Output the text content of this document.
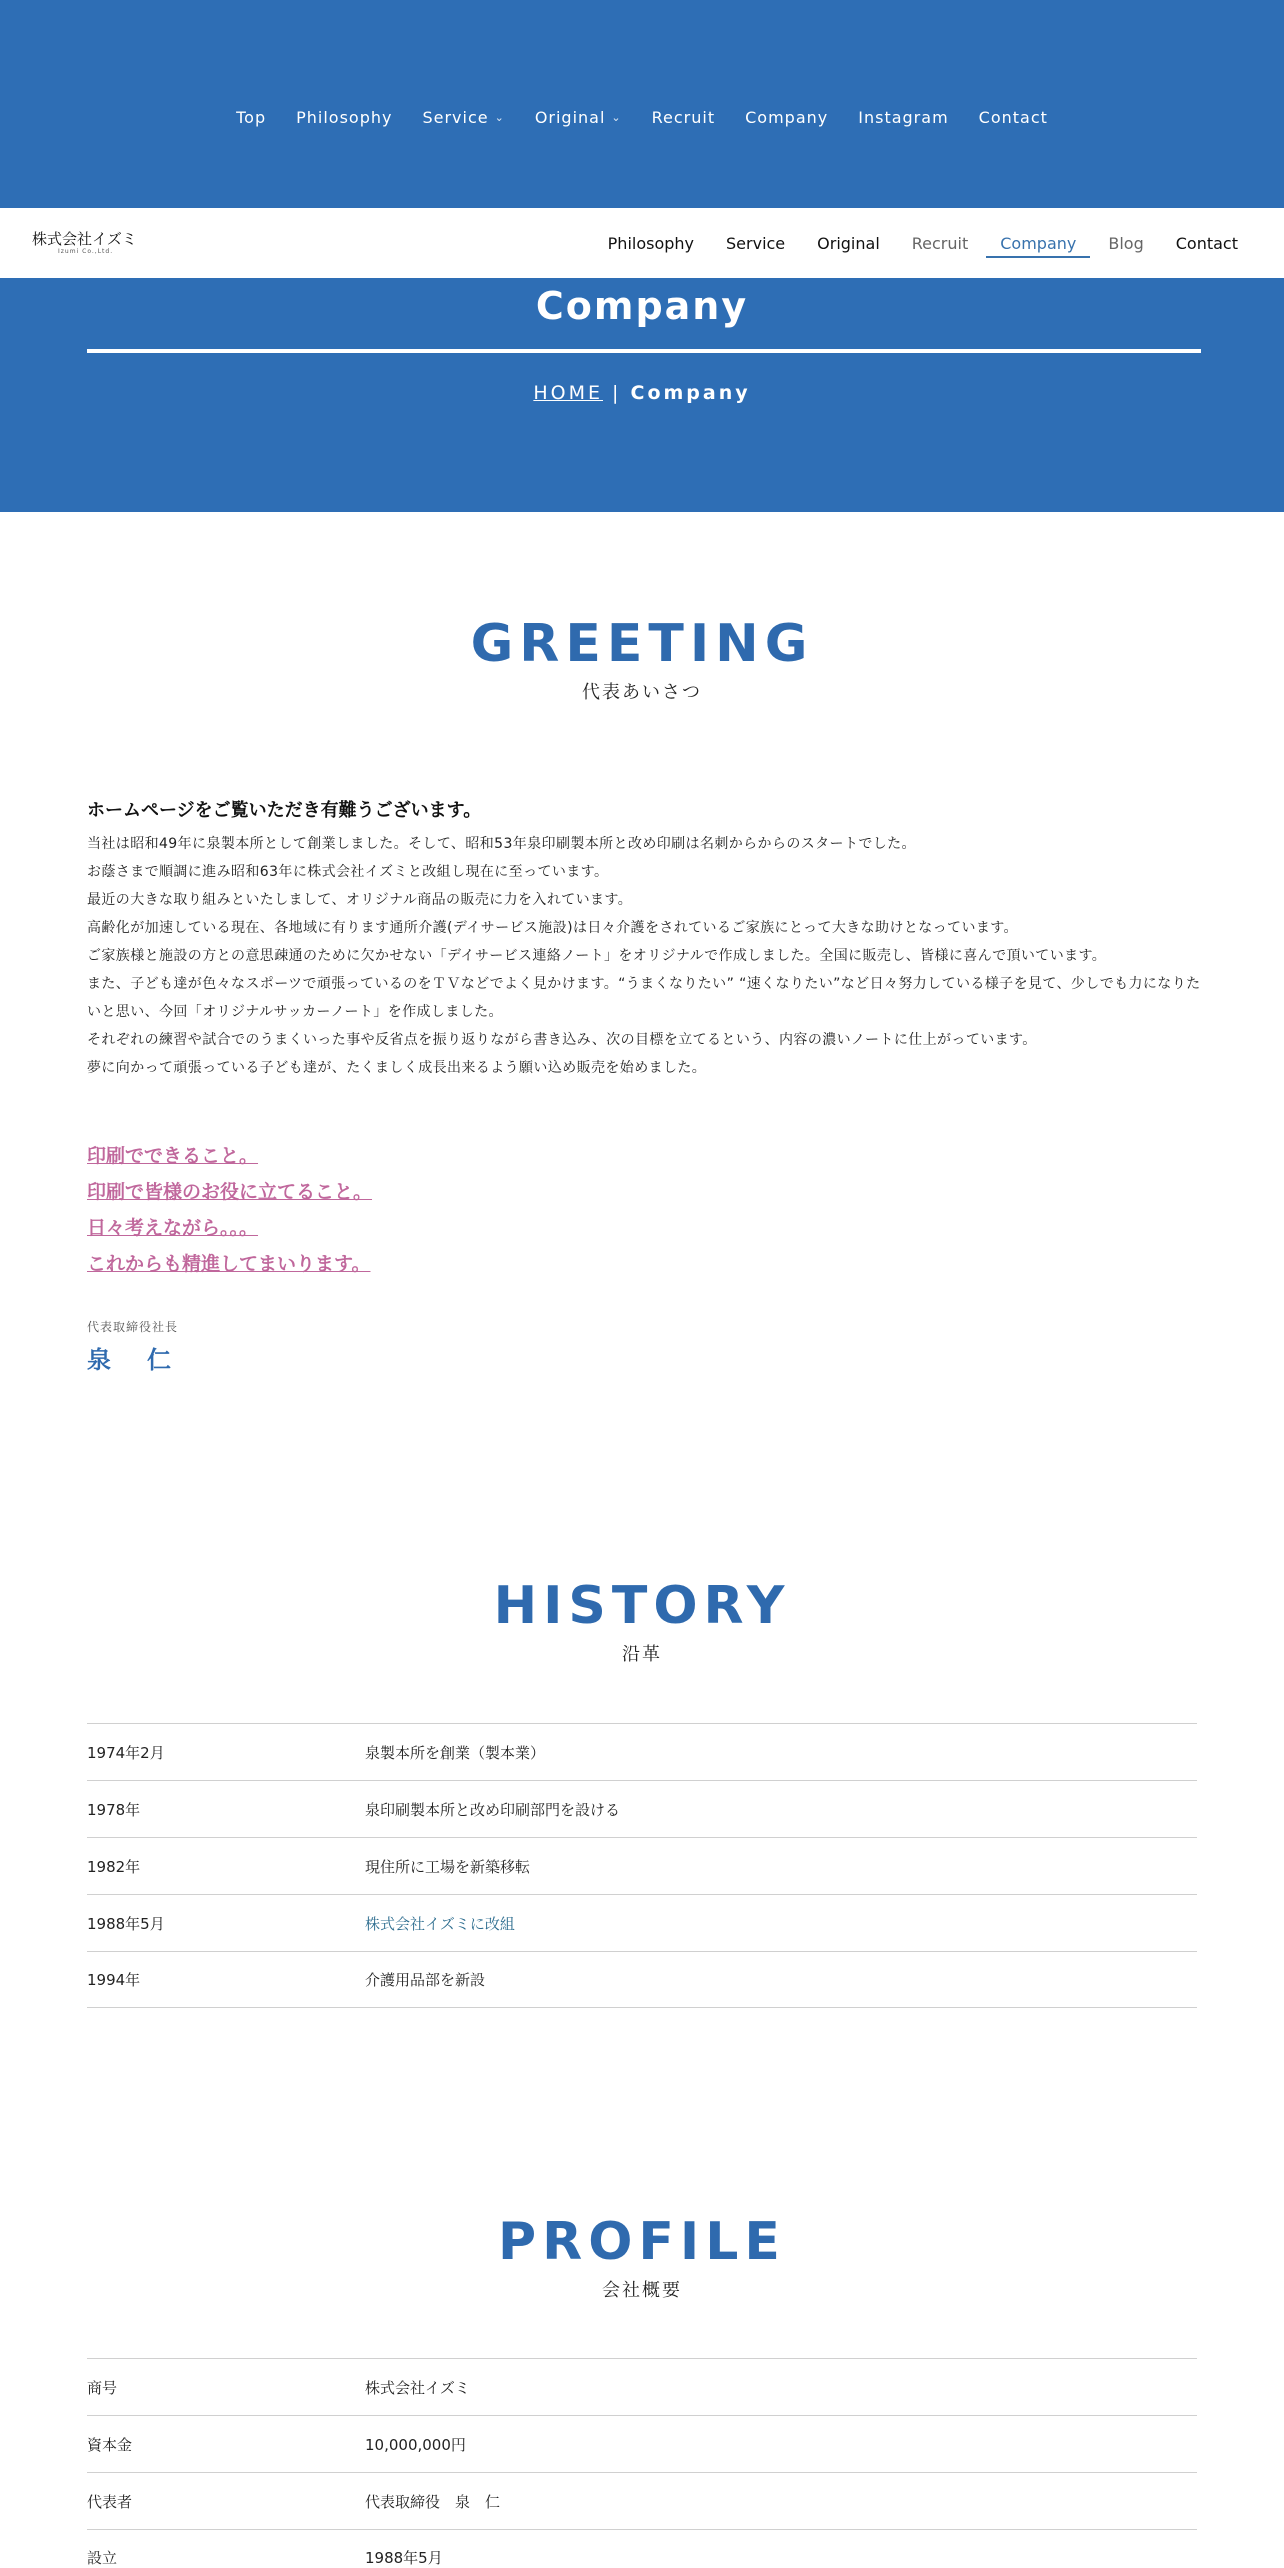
Top Philosophy Service ⌄ Original ⌄ Recruit Company Instagram Contact
株式会社イズミ
Izumi Co.,Ltd.	Philosophy Service Original Recruit Company Blog Contact
Company
HOME | Company
GREETING
代表あいさつ

ホームページをご覧いただき有難うございます。

当社は昭和49年に泉製本所として創業しました。そして、昭和53年泉印刷製本所と改め印刷は名刺からからのスタートでした。

お蔭さまで順調に進み昭和63年に株式会社イズミと改組し現在に至っています。

最近の大きな取り組みといたしまして、オリジナル商品の販売に力を入れています。

高齢化が加速している現在、各地域に有ります通所介護(デイサービス施設)は日々介護をされているご家族にとって大きな助けとなっています。

ご家族様と施設の方との意思疎通のために欠かせない「デイサービス連絡ノート」をオリジナルで作成しました。全国に販売し、皆様に喜んで頂いています。

また、子ども達が色々なスポーツで頑張っているのをＴＶなどでよく見かけます。“うまくなりたい” “速くなりたい”など日々努力している様子を見て、少しでも力になりたいと思い、今回「オリジナルサッカーノート」を作成しました。

それぞれの練習や試合でのうまくいった事や反省点を振り返りながら書き込み、次の目標を立てるという、内容の濃いノートに仕上がっています。

夢に向かって頑張っている子ども達が、たくましく成長出来るよう願い込め販売を始めました。

印刷でできること。
印刷で皆様のお役に立てること。
日々考えながら。。。
これからも精進してまいります。
代表取締役社長
泉　仁
HISTORY
沿革
1974年2月	泉製本所を創業（製本業）
1978年	泉印刷製本所と改め印刷部門を設ける
1982年	現住所に工場を新築移転
1988年5月	株式会社イズミに改組
1994年	介護用品部を新設
PROFILE
会社概要
商号	株式会社イズミ
資本金	10,000,000円
代表者	代表取締役　泉　仁
設立	1988年5月
